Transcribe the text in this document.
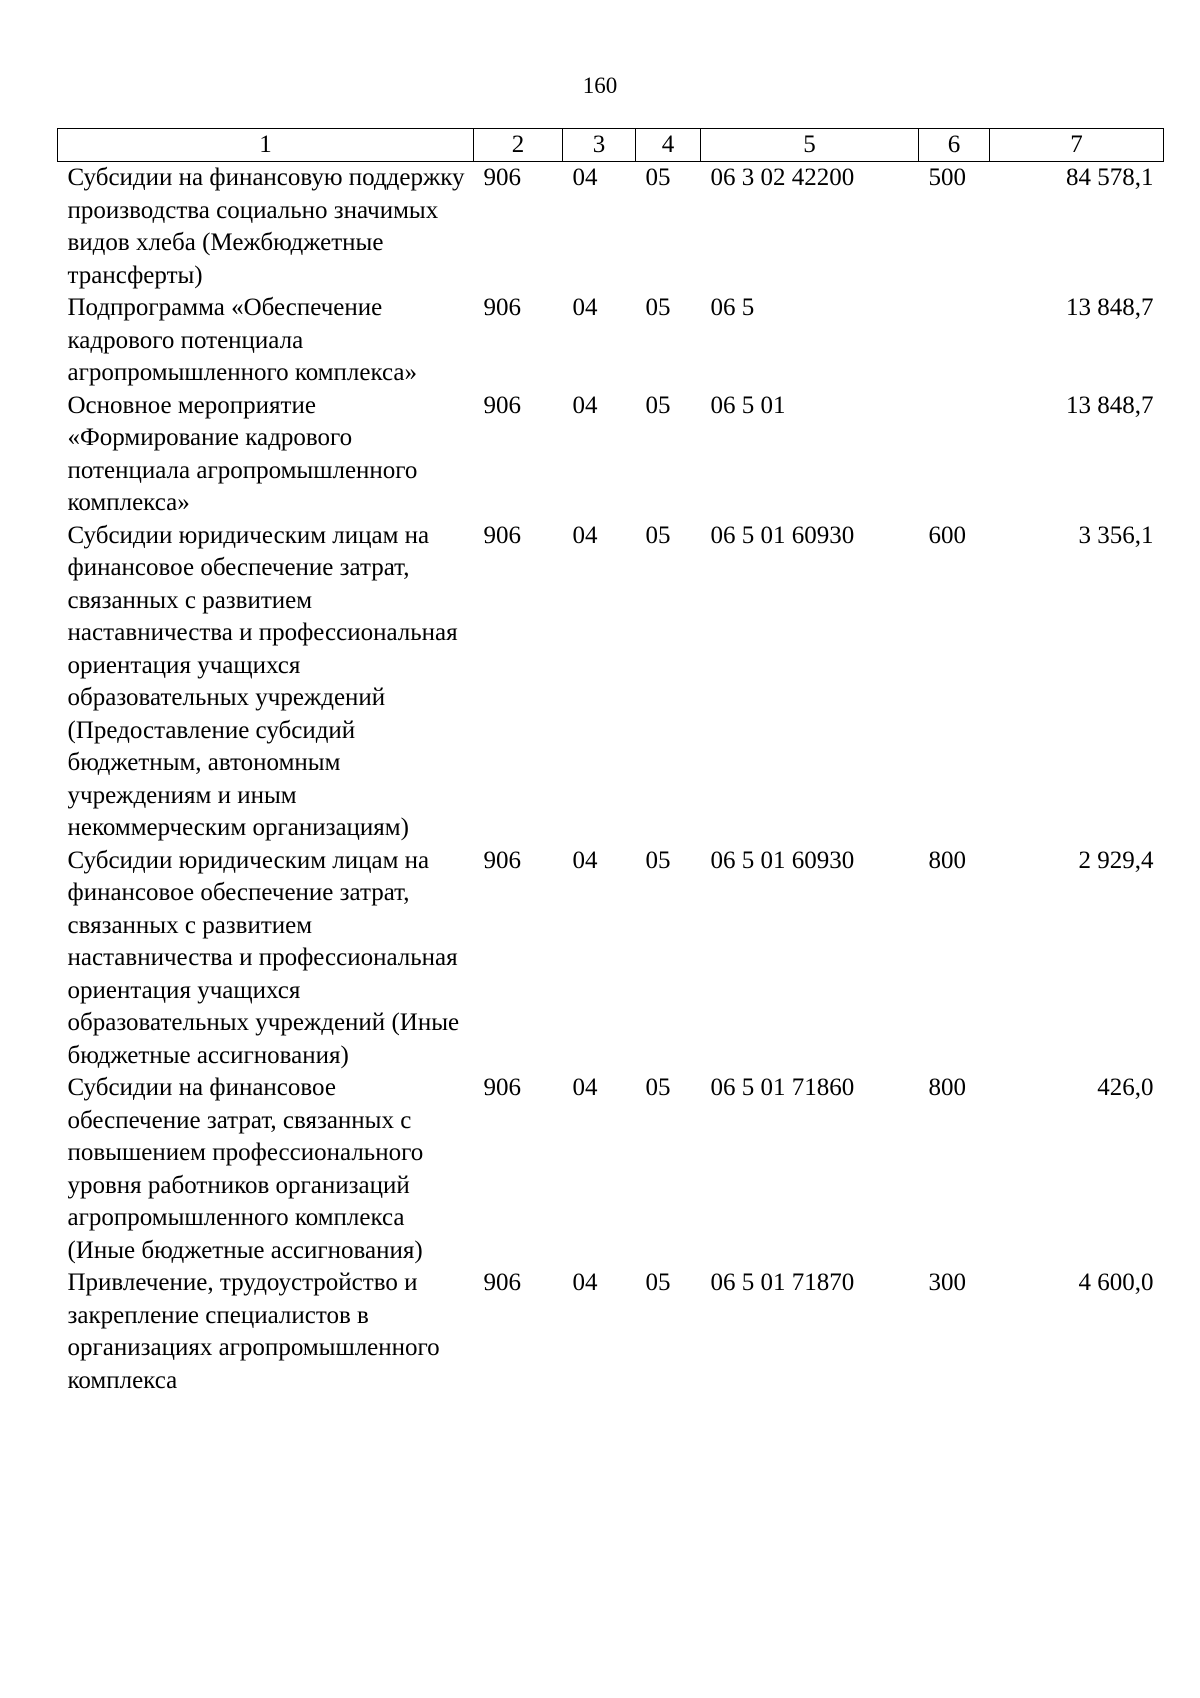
160
1	2	3	4	5	6	7
Субсидии на финансовую поддержку производства социально значимых видов хлеба (Межбюджетные трансферты)	906	04	05	06 3 02 42200	500	84 578,1
Подпрограмма «Обеспечение кадрового потенциала агропромышленного комплекса»	906	04	05	06 5		13 848,7
Основное мероприятие «Формирование кадрового потенциала агропромышленного комплекса»	906	04	05	06 5 01		13 848,7
Субсидии юридическим лицам на финансовое обеспечение затрат, связанных с развитием наставничества и профессиональная ориентация учащихся образовательных учреждений (Предоставление субсидий бюджетным, автономным учреждениям и иным некоммерческим организациям)	906	04	05	06 5 01 60930	600	3 356,1
Субсидии юридическим лицам на финансовое обеспечение затрат, связанных с развитием наставничества и профессиональная ориентация учащихся образовательных учреждений (Иные бюджетные ассигнования)	906	04	05	06 5 01 60930	800	2 929,4
Субсидии на финансовое обеспечение затрат, связанных с повышением профессионального уровня работников организаций агропромышленного комплекса (Иные бюджетные ассигнования)	906	04	05	06 5 01 71860	800	426,0
Привлечение, трудоустройство и закрепление специалистов в организациях агропромышленного комплекса	906	04	05	06 5 01 71870	300	4 600,0
